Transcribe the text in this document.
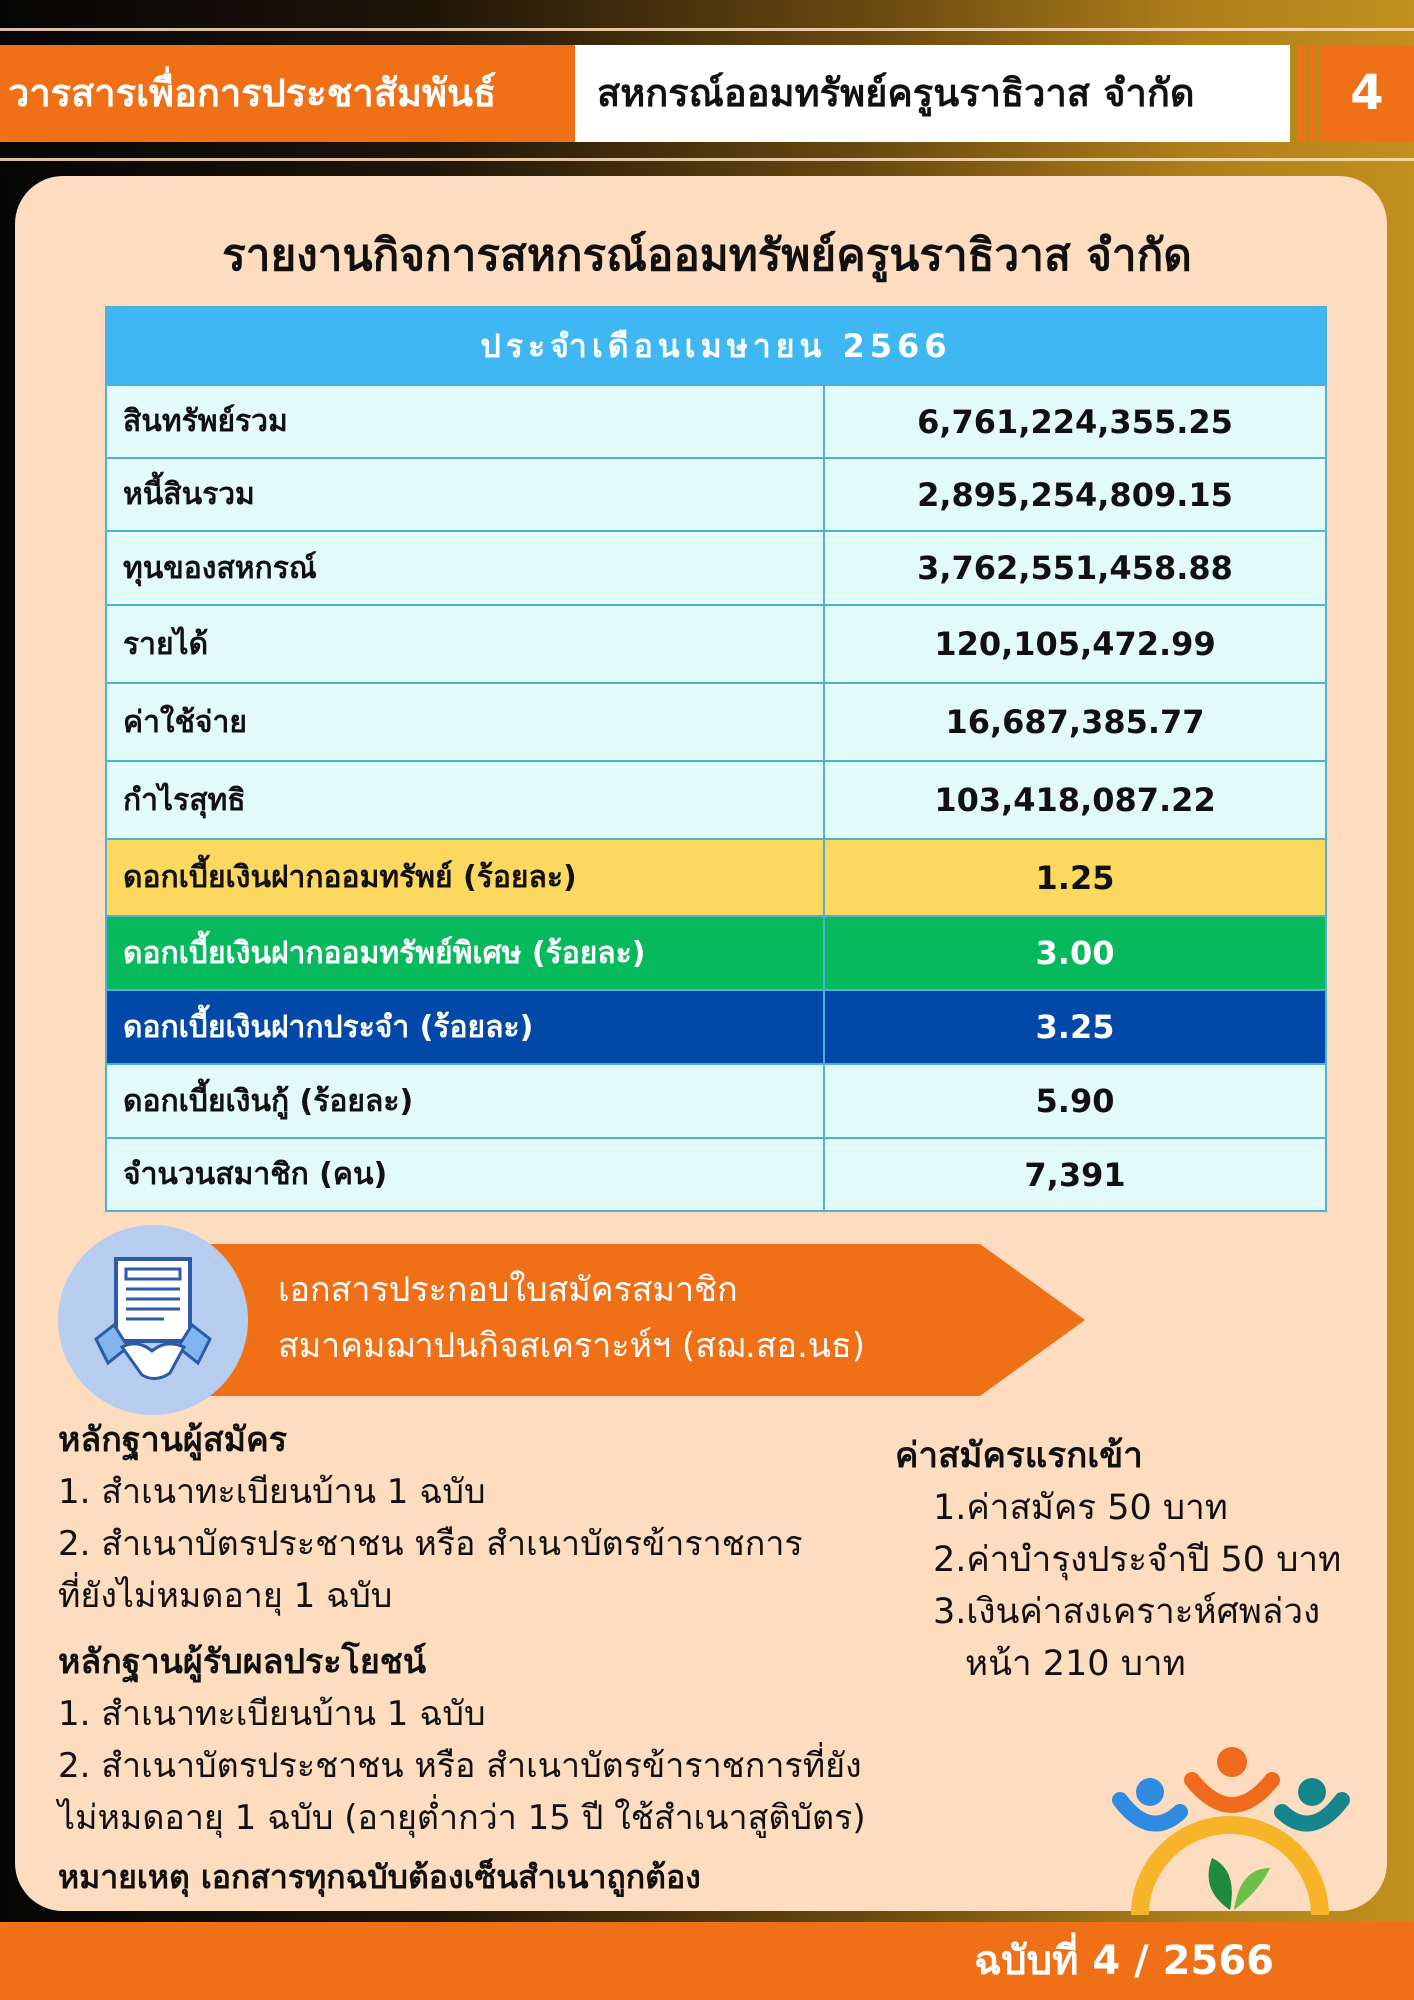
วารสารเพื่อการประชาสัมพันธ์	สหกรณ์ออมทรัพย์ครูนราธิวาส จำกัด	4
รายงานกิจการสหกรณ์ออมทรัพย์ครูนราธิวาส จำกัด
ประจำเดือนเมษายน 2566	
สินทรัพย์รวม	6,761,224,355.25
หนี้สินรวม	2,895,254,809.15
ทุนของสหกรณ์	3,762,551,458.88
รายได้	120,105,472.99
ค่าใช้จ่าย	16,687,385.77
กำไรสุทธิ	103,418,087.22
ดอกเบี้ยเงินฝากออมทรัพย์ (ร้อยละ)	1.25
ดอกเบี้ยเงินฝากออมทรัพย์พิเศษ (ร้อยละ)	3.00
ดอกเบี้ยเงินฝากประจำ (ร้อยละ)	3.25
ดอกเบี้ยเงินกู้ (ร้อยละ)	5.90
จำนวนสมาชิก (คน)	7,391
เอกสารประกอบใบสมัครสมาชิก
สมาคมฌาปนกิจสเคราะห์ฯ (สฌ.สอ.นธ)
หลักฐานผู้สมัคร
1. สำเนาทะเบียนบ้าน 1 ฉบับ
2. สำเนาบัตรประชาชน หรือ สำเนาบัตรข้าราชการ
ที่ยังไม่หมดอายุ 1 ฉบับ
หลักฐานผู้รับผลประโยชน์
1. สำเนาทะเบียนบ้าน 1 ฉบับ
2. สำเนาบัตรประชาชน หรือ สำเนาบัตรข้าราชการที่ยัง
ไม่หมดอายุ 1 ฉบับ (อายุต่ำกว่า 15 ปี ใช้สำเนาสูติบัตร)
ค่าสมัครแรกเข้า
1.ค่าสมัคร 50 บาท
2.ค่าบำรุงประจำปี 50 บาท
3.เงินค่าสงเคราะห์ศพล่วง
หน้า 210 บาท
หมายเหตุ เอกสารทุกฉบับต้องเซ็นสำเนาถูกต้อง
ฉบับที่ 4 / 2566
